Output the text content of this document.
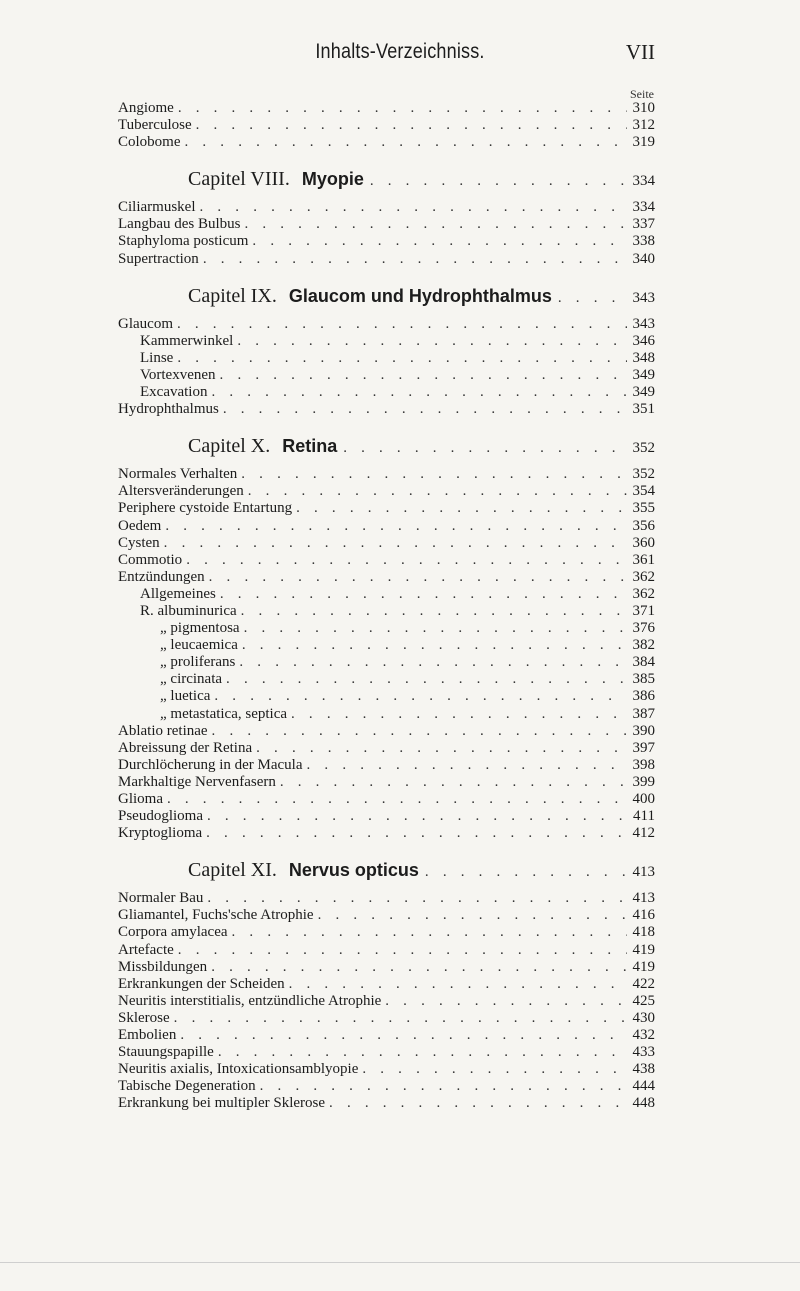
Inhalts-Verzeichniss.	VII
Seite
Angiome . . .	310
Tuberculose . . .	312
Colobome . . .	319
Capitel VIII. Myopie . . .	334
Ciliarmuskel . . .	334
Langbau des Bulbus . . .	337
Staphyloma posticum . . .	338
Supertraction . . .	340
Capitel IX. Glaucom und Hydrophthalmus . . .	343
Glaucom . . .	343
Kammerwinkel . . .	346
Linse . . .	348
Vortexvenen . . .	349
Excavation . . .	349
Hydrophthalmus . . .	351
Capitel X. Retina . . .	352
Normales Verhalten . . .	352
Altersveränderungen . . .	354
Periphere cystoide Entartung . . .	355
Oedem . . .	356
Cysten . . .	360
Commotio . . .	361
Entzündungen . . .	362
Allgemeines . . .	362
R. albuminurica . . .	371
„ pigmentosa . . .	376
„ leucaemica . . .	382
„ proliferans . . .	384
„ circinata . . .	385
„ luetica . . .	386
„ metastatica, septica . . .	387
Ablatio retinae . . .	390
Abreissung der Retina . . .	397
Durchlöcherung in der Macula . . .	398
Markhaltige Nervenfasern . . .	399
Glioma . . .	400
Pseudoglioma . . .	411
Kryptoglioma . . .	412
Capitel XI. Nervus opticus . . .	413
Normaler Bau . . .	413
Gliamantel, Fuchs'sche Atrophie . . .	416
Corpora amylacea . . .	418
Artefacte . . .	419
Missbildungen . . .	419
Erkrankungen der Scheiden . . .	422
Neuritis interstitialis, entzündliche Atrophie . . .	425
Sklerose . . .	430
Embolien . . .	432
Stauungspapille . . .	433
Neuritis axialis, Intoxicationsamblyopie . . .	438
Tabische Degeneration . . .	444
Erkrankung bei multipler Sklerose . . .	448
